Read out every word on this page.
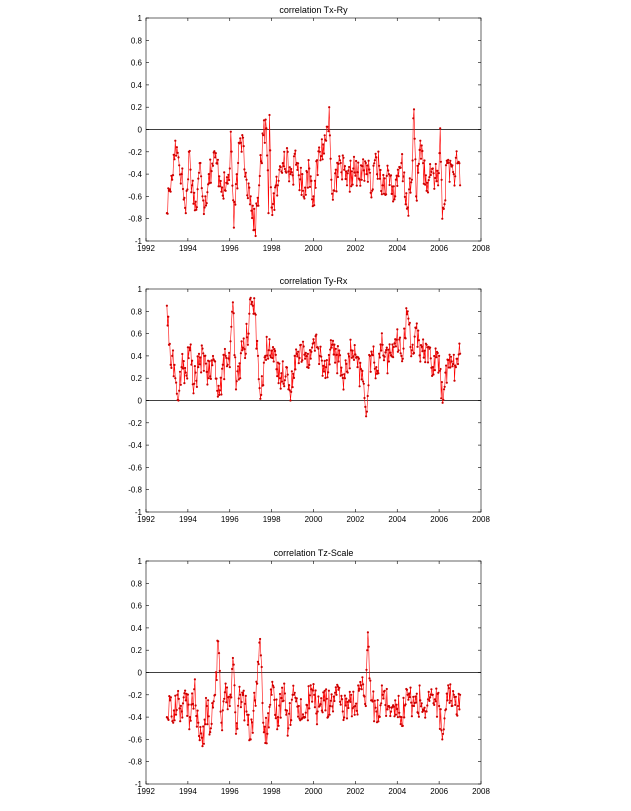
correlation Tx-Ry
1
0.8
0.6
0.4
0.2
0
-0.2
-0.4
-0.6
-0.8
-1
1992	1994	1996	1998	2000	2002	2004	2006	2008
correlation Ty-Rx
1
0.8
0.6
0.4
0.2
0
-0.2
-0.4
-0.6
-0.8
-1
1992	1994	1996	1998	2000	2002	2004	2006	2008
correlation Tz-Scale
1
0.8
0.6
0.4
0.2
0
-0.2
-0.4
-0.6
-0.8
-1
1992	1994	1996	1998	2000	2002	2004	2006	2008
